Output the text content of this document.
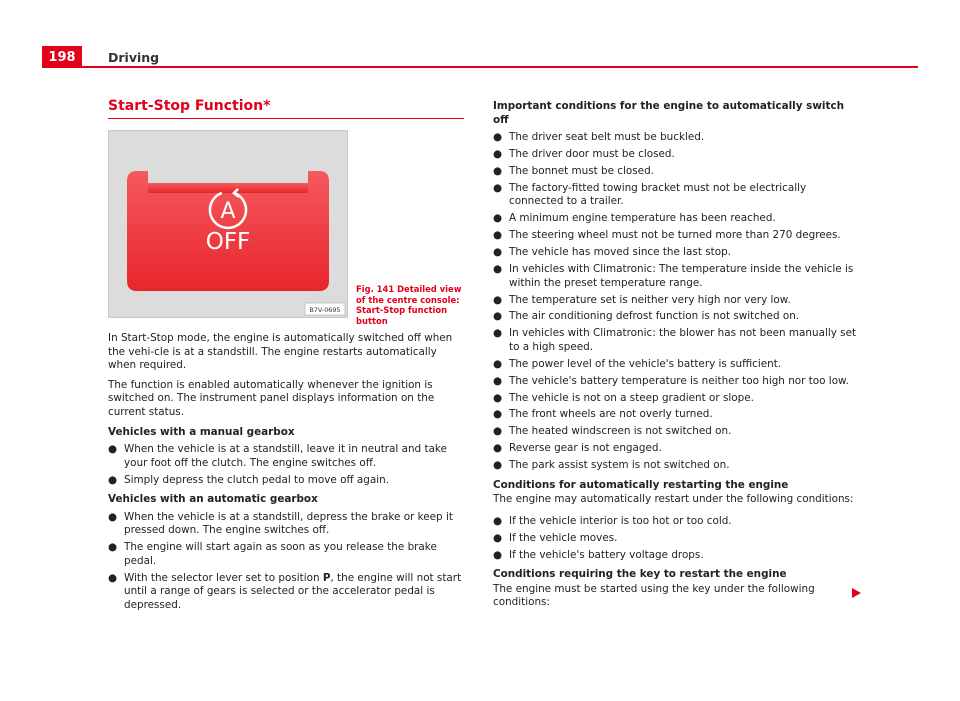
198	Driving
Start-Stop Function*
A
OFF
B7V-0695
Fig. 141 Detailed view of the centre console: Start-Stop function button

In Start-Stop mode, the engine is automatically switched off when the vehi-cle is at a standstill. The engine restarts automatically when required.

The function is enabled automatically whenever the ignition is switched on. The instrument panel displays information on the current status.

Vehicles with a manual gearbox

● When the vehicle is at a standstill, leave it in neutral and take your foot off the clutch. The engine switches off.

● Simply depress the clutch pedal to move off again.

Vehicles with an automatic gearbox

● When the vehicle is at a standstill, depress the brake or keep it pressed down. The engine switches off.

● The engine will start again as soon as you release the brake pedal.

● With the selector lever set to position P, the engine will not start until a range of gears is selected or the accelerator pedal is depressed.

Important conditions for the engine to automatically switch off

● The driver seat belt must be buckled.

● The driver door must be closed.

● The bonnet must be closed.

● The factory-fitted towing bracket must not be electrically connected to a trailer.

● A minimum engine temperature has been reached.

● The steering wheel must not be turned more than 270 degrees.

● The vehicle has moved since the last stop.

● In vehicles with Climatronic: The temperature inside the vehicle is within the preset temperature range.

● The temperature set is neither very high nor very low.

● The air conditioning defrost function is not switched on.

● In vehicles with Climatronic: the blower has not been manually set to a high speed.

● The power level of the vehicle's battery is sufficient.

● The vehicle's battery temperature is neither too high nor too low.

● The vehicle is not on a steep gradient or slope.

● The front wheels are not overly turned.

● The heated windscreen is not switched on.

● Reverse gear is not engaged.

● The park assist system is not switched on.

Conditions for automatically restarting the engine

The engine may automatically restart under the following conditions:

● If the vehicle interior is too hot or too cold.

● If the vehicle moves.

● If the vehicle's battery voltage drops.

Conditions requiring the key to restart the engine

The engine must be started using the key under the following conditions:
